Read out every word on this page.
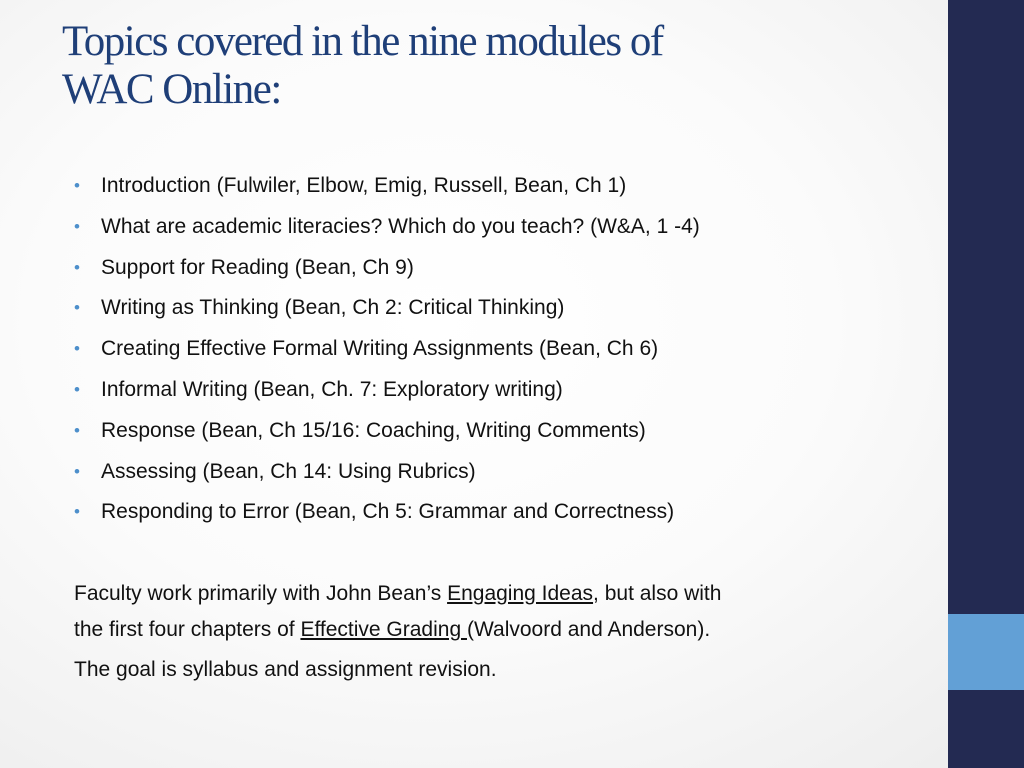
Topics covered in the nine modules of
WAC Online:
• Introduction (Fulwiler, Elbow, Emig, Russell, Bean, Ch 1)
• What are academic literacies? Which do you teach? (W&A, 1 -4)
• Support for Reading (Bean, Ch 9)
• Writing as Thinking (Bean, Ch 2: Critical Thinking)
• Creating Effective Formal Writing Assignments (Bean, Ch 6)
• Informal Writing (Bean, Ch. 7: Exploratory writing)
• Response (Bean, Ch 15/16: Coaching, Writing Comments)
• Assessing (Bean, Ch 14: Using Rubrics)
• Responding to Error (Bean, Ch 5: Grammar and Correctness)

Faculty work primarily with John Bean’s Engaging Ideas, but also with
the first four chapters of Effective Grading (Walvoord and Anderson).

The goal is syllabus and assignment revision.
